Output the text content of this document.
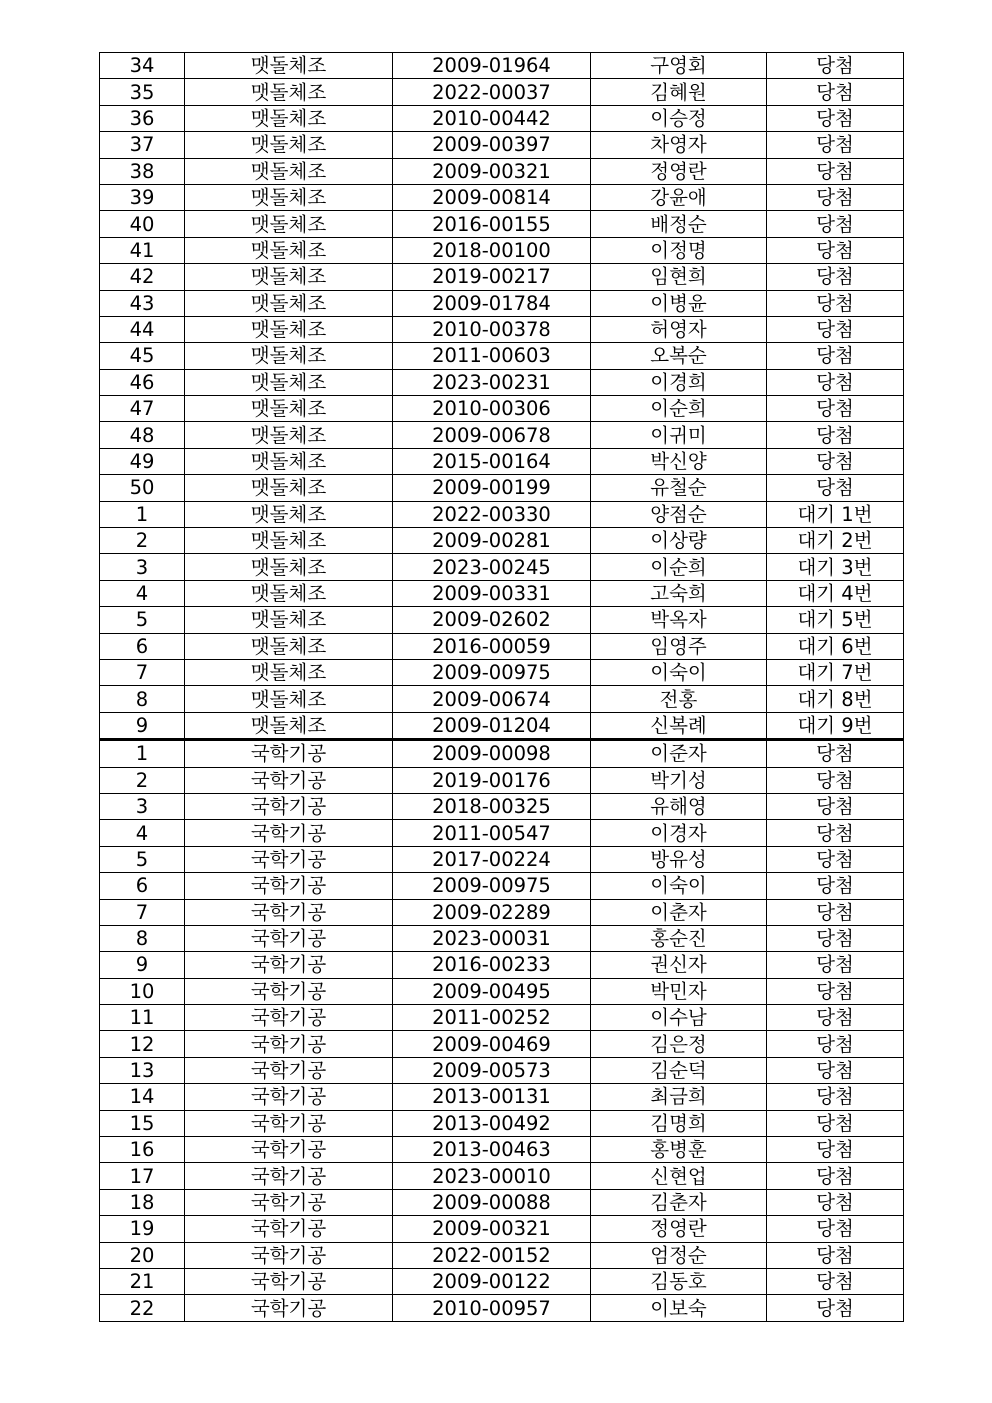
34	맷돌체조	2009-01964	구영회	당첨
35	맷돌체조	2022-00037	김혜원	당첨
36	맷돌체조	2010-00442	이승정	당첨
37	맷돌체조	2009-00397	차영자	당첨
38	맷돌체조	2009-00321	정영란	당첨
39	맷돌체조	2009-00814	강윤애	당첨
40	맷돌체조	2016-00155	배정순	당첨
41	맷돌체조	2018-00100	이정명	당첨
42	맷돌체조	2019-00217	임현희	당첨
43	맷돌체조	2009-01784	이병윤	당첨
44	맷돌체조	2010-00378	허영자	당첨
45	맷돌체조	2011-00603	오복순	당첨
46	맷돌체조	2023-00231	이경희	당첨
47	맷돌체조	2010-00306	이순희	당첨
48	맷돌체조	2009-00678	이귀미	당첨
49	맷돌체조	2015-00164	박신양	당첨
50	맷돌체조	2009-00199	유철순	당첨
1	맷돌체조	2022-00330	양점순	대기 1번
2	맷돌체조	2009-00281	이상량	대기 2번
3	맷돌체조	2023-00245	이순희	대기 3번
4	맷돌체조	2009-00331	고숙희	대기 4번
5	맷돌체조	2009-02602	박옥자	대기 5번
6	맷돌체조	2016-00059	임영주	대기 6번
7	맷돌체조	2009-00975	이숙이	대기 7번
8	맷돌체조	2009-00674	전홍	대기 8번
9	맷돌체조	2009-01204	신복례	대기 9번
1	국학기공	2009-00098	이준자	당첨
2	국학기공	2019-00176	박기성	당첨
3	국학기공	2018-00325	유해영	당첨
4	국학기공	2011-00547	이경자	당첨
5	국학기공	2017-00224	방유성	당첨
6	국학기공	2009-00975	이숙이	당첨
7	국학기공	2009-02289	이춘자	당첨
8	국학기공	2023-00031	홍순진	당첨
9	국학기공	2016-00233	권신자	당첨
10	국학기공	2009-00495	박민자	당첨
11	국학기공	2011-00252	이수남	당첨
12	국학기공	2009-00469	김은정	당첨
13	국학기공	2009-00573	김순덕	당첨
14	국학기공	2013-00131	최금희	당첨
15	국학기공	2013-00492	김명희	당첨
16	국학기공	2013-00463	홍병훈	당첨
17	국학기공	2023-00010	신현업	당첨
18	국학기공	2009-00088	김춘자	당첨
19	국학기공	2009-00321	정영란	당첨
20	국학기공	2022-00152	엄정순	당첨
21	국학기공	2009-00122	김동호	당첨
22	국학기공	2010-00957	이보숙	당첨
